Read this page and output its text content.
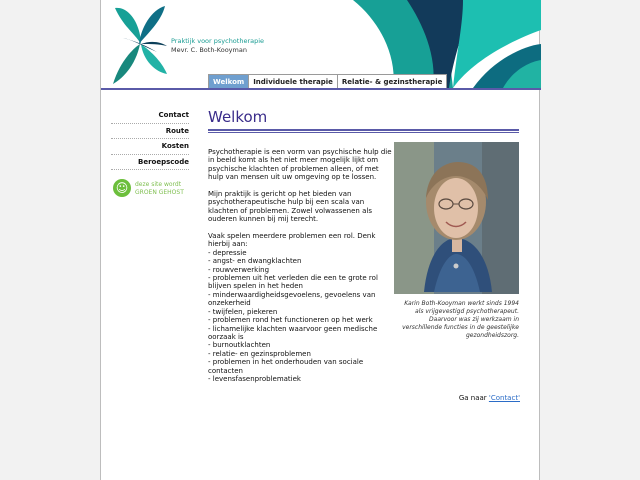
Praktijk voor psychotherapie
Mevr. C. Both-Kooyman
Welkom	Individuele therapie	Relatie- & gezinstherapie
Contact
Route
Kosten
Beroepscode
☺	deze site wordt
GROEN GEHOST
Welkom

Psychotherapie is een vorm van psychische hulp die in beeld komt als het niet meer mogelijk lijkt om psychische klachten of problemen alleen, of met hulp van mensen uit uw omgeving op te lossen.

Mijn praktijk is gericht op het bieden van psychotherapeutische hulp bij een scala van klachten of problemen. Zowel volwassenen als ouderen kunnen bij mij terecht.

Vaak spelen meerdere problemen een rol. Denk hierbij aan:
- depressie
- angst- en dwangklachten
- rouwverwerking
- problemen uit het verleden die een te grote rol blijven spelen in het heden
- minderwaardigheidsgevoelens, gevoelens van onzekerheid
- twijfelen, piekeren
- problemen rond het functioneren op het werk
- lichamelijke klachten waarvoor geen medische oorzaak is
- burnoutklachten
- relatie- en gezinsproblemen
- problemen in het onderhouden van sociale contacten
- levensfasenproblematiek
Karin Both-Kooyman werkt sinds 1994 als vrijgevestigd psychotherapeut. Daarvoor was zij werkzaam in verschillende functies in de geestelijke gezondheidszorg.
Ga naar 'Contact'
